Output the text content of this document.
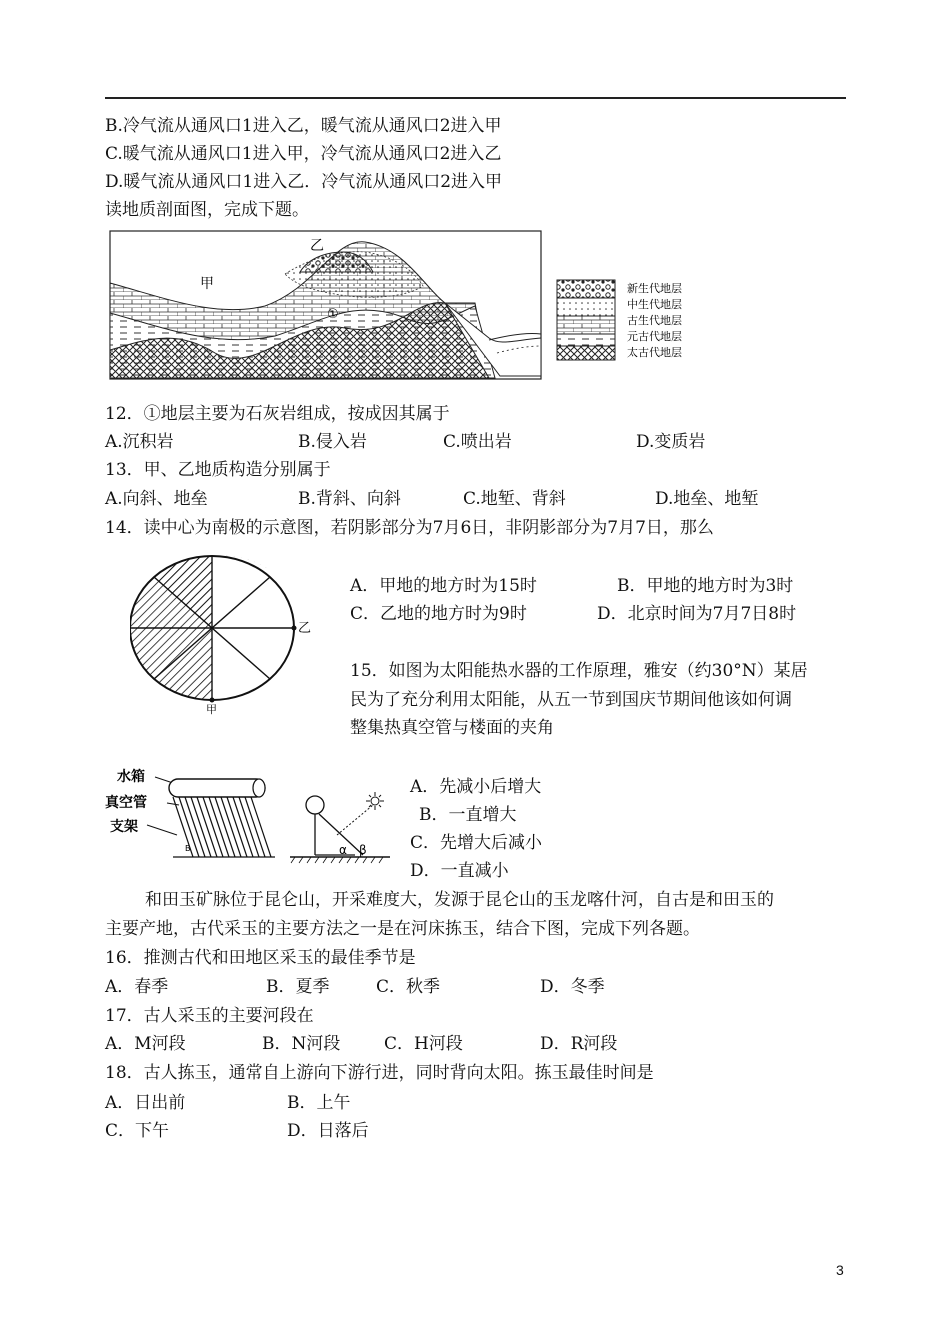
B.冷气流从通风口1进入乙，暖气流从通风口2进入甲
C.暖气流从通风口1进入甲，冷气流从通风口2进入乙
D.暖气流从通风口1进入乙．冷气流从通风口2进入甲
读地质剖面图，完成下题。
甲
乙
①
新生代地层
中生代地层
古生代地层
元古代地层
太古代地层
12．①地层主要为石灰岩组成，按成因其属于
A.沉积岩	B.侵入岩	C.喷出岩	D.变质岩
13．甲、乙地质构造分别属于
A.向斜、地垒	B.背斜、向斜	C.地堑、背斜	D.地垒、地堑
14．读中心为南极的示意图，若阴影部分为7月6日，非阴影部分为7月7日，那么
乙
甲
A．甲地的地方时为15时	B．甲地的地方时为3时
C．乙地的地方时为9时	D．北京时间为7月7日8时
15．如图为太阳能热水器的工作原理，雅安（约30°N）某居
民为了充分利用太阳能，从五一节到国庆节期间他该如何调
整集热真空管与楼面的夹角
水箱
真空管
支架
B	α β
A．先减小后增大
B．一直增大
C．先增大后减小
D．一直减小
和田玉矿脉位于昆仑山，开采难度大，发源于昆仑山的玉龙喀什河，自古是和田玉的
主要产地，古代采玉的主要方法之一是在河床拣玉，结合下图，完成下列各题。
16．推测古代和田地区采玉的最佳季节是
A．春季	B．夏季	C．秋季	D．冬季
17．古人采玉的主要河段在
A．M河段	B．N河段	C．H河段	D．R河段
18．古人拣玉，通常自上游向下游行进，同时背向太阳。拣玉最佳时间是
A．日出前	B．上午
C．下午	D．日落后
3
